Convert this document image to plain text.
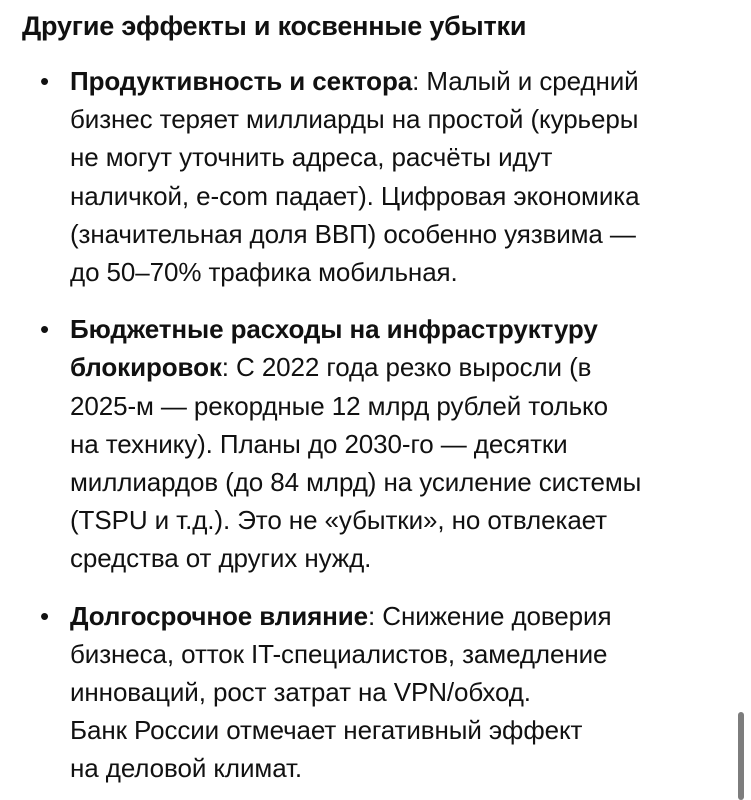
Другие эффекты и косвенные убытки
• Продуктивность и сектора: Малый и средний
бизнес теряет миллиарды на простой (курьеры
не могут уточнить адреса, расчёты идут
наличкой, e-com падает). Цифровая экономика
(значительная доля ВВП) особенно уязвима —
до 50–70% трафика мобильная.
• Бюджетные расходы на инфраструктуру
блокировок: С 2022 года резко выросли (в
2025-м — рекордные 12 млрд рублей только
на технику). Планы до 2030-го — десятки
миллиардов (до 84 млрд) на усиление системы
(TSPU и т.д.). Это не «убытки», но отвлекает
средства от других нужд.
• Долгосрочное влияние: Снижение доверия
бизнеса, отток IT-специалистов, замедление
инноваций, рост затрат на VPN/обход.
Банк России отмечает негативный эффект
на деловой климат.
